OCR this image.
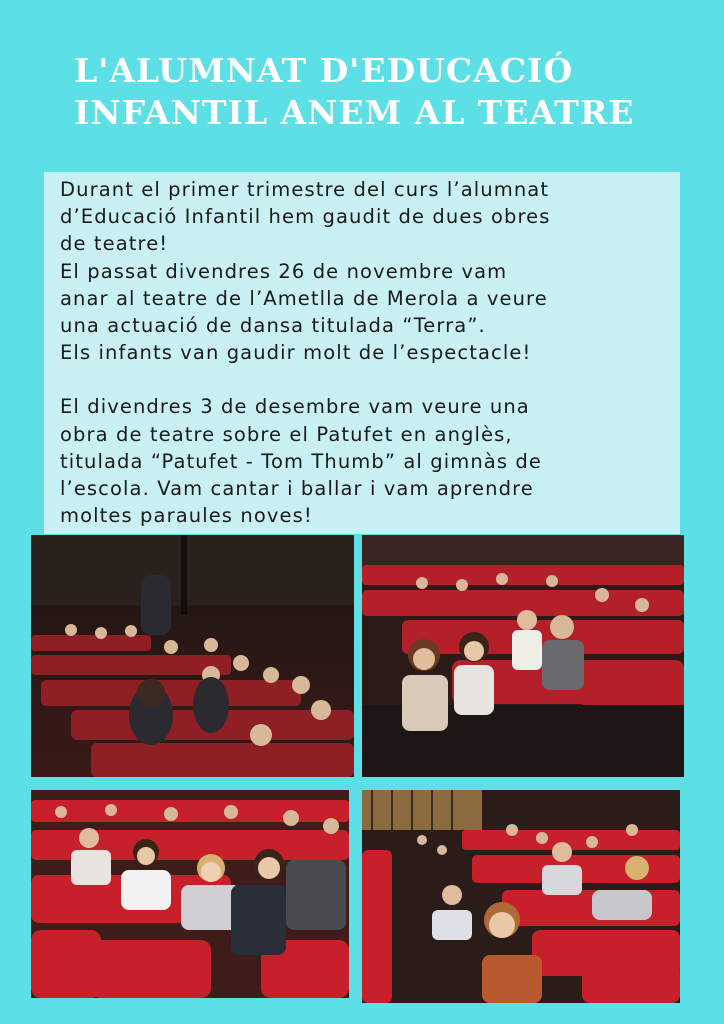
L'ALUMNAT D'EDUCACIÓ
INFANTIL ANEM AL TEATRE

Durant el primer trimestre del curs l’alumnat

d’Educació Infantil hem gaudit de dues obres

de teatre!

El passat divendres 26 de novembre vam

anar al teatre de l’Ametlla de Merola a veure

una actuació de dansa titulada “Terra”.

Els infants van gaudir molt de l’espectacle!

El divendres 3 de desembre vam veure una

obra de teatre sobre el Patufet en anglès,

titulada “Patufet - Tom Thumb” al gimnàs de

l’escola. Vam cantar i ballar i vam aprendre

moltes paraules noves!
